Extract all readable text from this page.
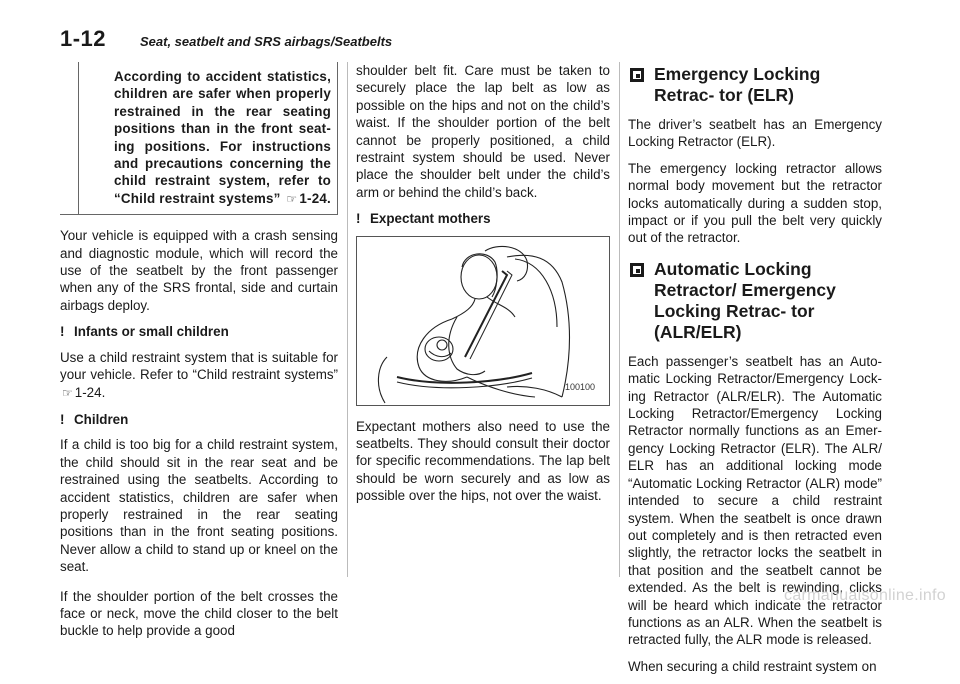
1-12	Seat, seatbelt and SRS airbags/Seatbelts
According to accident statistics, children are safer when properly restrained in the rear seating positions than in the front seat- ing positions. For instructions and precautions concerning the child restraint system, refer to “Child restraint systems” ☞ 1-24.

Your vehicle is equipped with a crash sensing and diagnostic module, which will record the use of the seatbelt by the front passenger when any of the SRS frontal, side and curtain airbags deploy.

! Infants or small children

Use a child restraint system that is suitable for your vehicle. Refer to “Child restraint systems” ☞ 1-24.

! Children

If a child is too big for a child restraint system, the child should sit in the rear seat and be restrained using the seatbelts. According to accident statistics, children are safer when properly restrained in the rear seating positions than in the front seating positions. Never allow a child to stand up or kneel on the seat.

If the shoulder portion of the belt crosses the face or neck, move the child closer to the belt buckle to help provide a good

shoulder belt fit. Care must be taken to securely place the lap belt as low as possible on the hips and not on the child’s waist. If the shoulder portion of the belt cannot be properly positioned, a child restraint system should be used. Never place the shoulder belt under the child’s arm or behind the child’s back.

! Expectant mothers
100100

Expectant mothers also need to use the seatbelts. They should consult their doctor for specific recommendations. The lap belt should be worn securely and as low as possible over the hips, not over the waist.

Emergency Locking Retrac- tor (ELR)

The driver’s seatbelt has an Emergency Locking Retractor (ELR).

The emergency locking retractor allows normal body movement but the retractor locks automatically during a sudden stop, impact or if you pull the belt very quickly out of the retractor.

Automatic Locking Retractor/ Emergency Locking Retrac- tor (ALR/ELR)

Each passenger’s seatbelt has an Auto- matic Locking Retractor/Emergency Lock- ing Retractor (ALR/ELR). The Automatic Locking Retractor/Emergency Locking Retractor normally functions as an Emer- gency Locking Retractor (ELR). The ALR/ ELR has an additional locking mode “Automatic Locking Retractor (ALR) mode” intended to secure a child restraint system. When the seatbelt is once drawn out completely and is then retracted even slightly, the retractor locks the seatbelt in that position and the seatbelt cannot be extended. As the belt is rewinding, clicks will be heard which indicate the retractor functions as an ALR. When the seatbelt is retracted fully, the ALR mode is released.

When securing a child restraint system on

carmanualsonline.info
